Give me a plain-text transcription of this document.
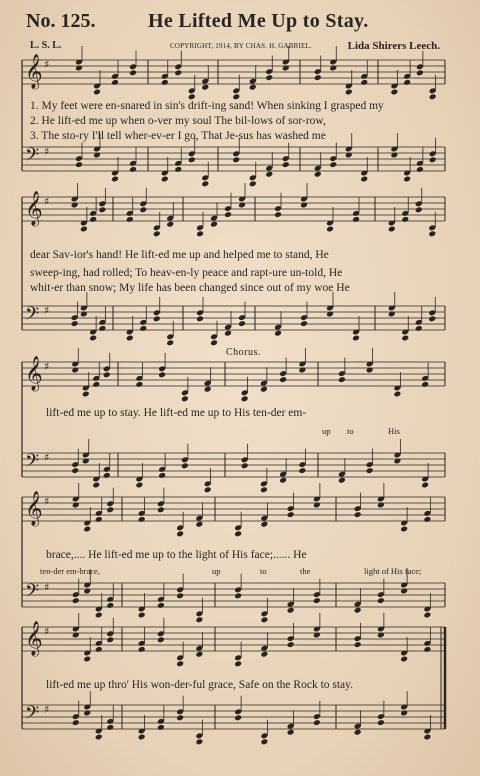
𝄞 ♯
𝄢 ♯
𝄞 ♯
𝄢 ♯
𝄞 ♯
𝄢 ♯
𝄞 ♯
𝄢 ♯
𝄞 ♯
𝄢 ♯
No. 125.	He Lifted Me Up to Stay.
L. S. L.	COPYRIGHT, 1914, BY CHAS. H. GABRIEL.	Lida Shirers Leech.
1. My feet were en-snared in sin's drift-ing sand! When sinking I grasped my
2. He lift-ed me up when o-ver my soul The bil-lows of sor-row,
3. The sto-ry I'll tell wher-ev-er I go, That Je-sus has washed me
dear Sav-ior's hand! He lift-ed me up and helped me to stand, He
sweep-ing, had rolled; To heav-en-ly peace and rapt-ure un-told, He
whit-er than snow; My life has been changed since out of my woe He
Chorus.
lift-ed me up to stay. He lift-ed me up to His ten-der em-
up to	His
brace,.... He lift-ed me up to the light of His face;...... He
ten-der em-brace,	up	to	the	light of His face;
lift-ed me up thro' His won-der-ful grace, Safe on the Rock to stay.
